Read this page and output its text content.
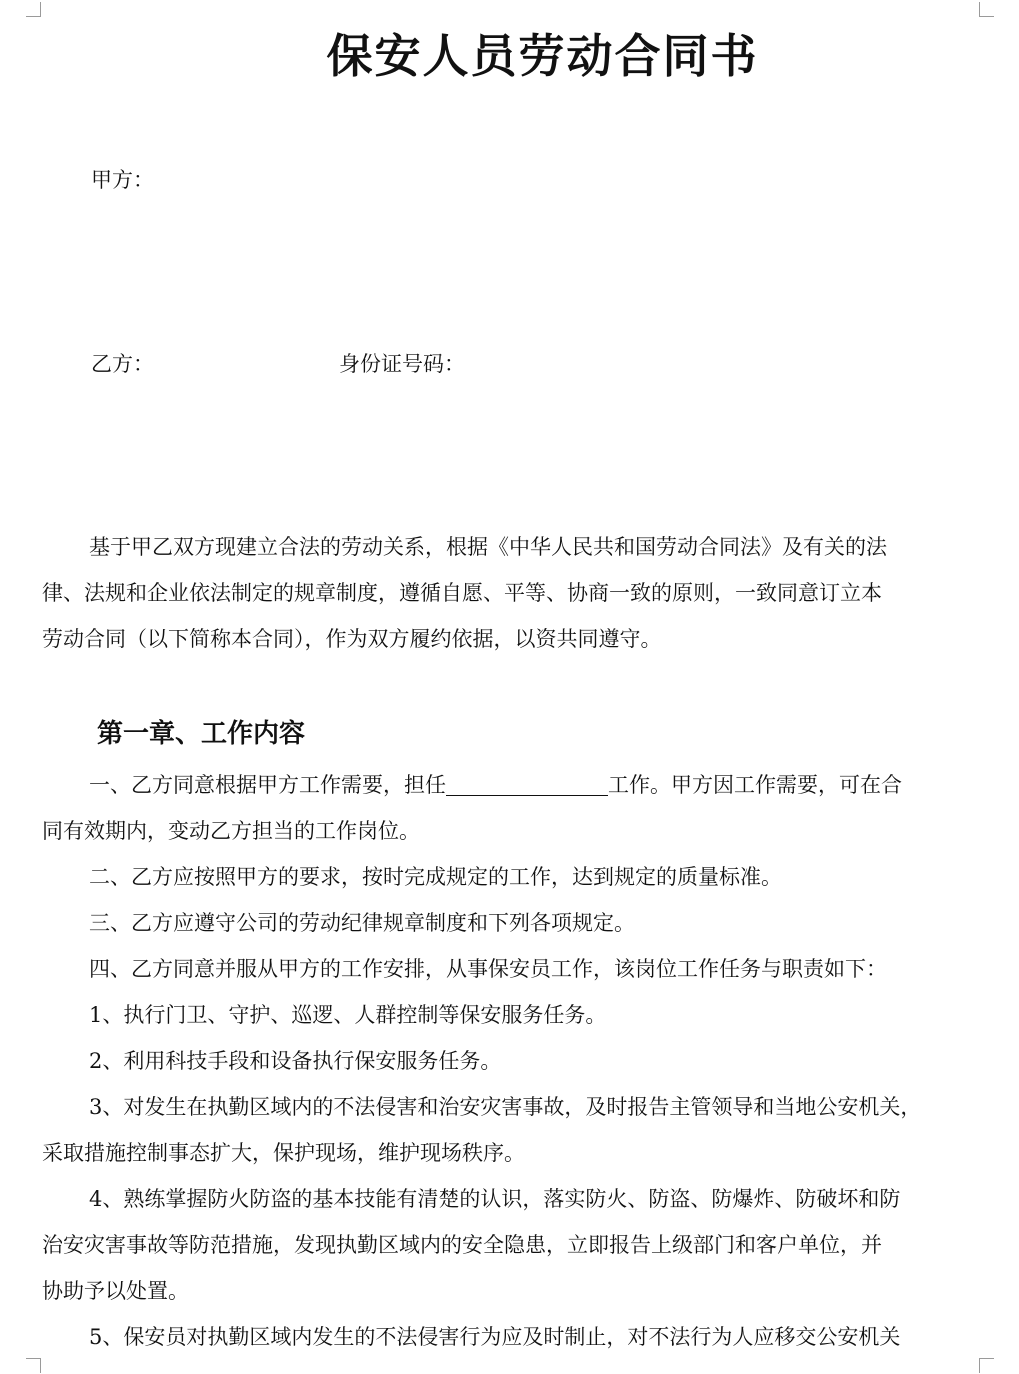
保安人员劳动合同书
甲方：
乙方：	身份证号码：
基于甲乙双方现建立合法的劳动关系，根据《中华人民共和国劳动合同法》及有关的法
律、法规和企业依法制定的规章制度，遵循自愿、平等、协商一致的原则，一致同意订立本
劳动合同（以下简称本合同），作为双方履约依据，以资共同遵守。
第一章、工作内容
一、乙方同意根据甲方工作需要，担任	工作。甲方因工作需要，可在合
同有效期内，变动乙方担当的工作岗位。
二、乙方应按照甲方的要求，按时完成规定的工作，达到规定的质量标准。
三、乙方应遵守公司的劳动纪律规章制度和下列各项规定。
四、乙方同意并服从甲方的工作安排，从事保安员工作，该岗位工作任务与职责如下：
1、执行门卫、守护、巡逻、人群控制等保安服务任务。
2、利用科技手段和设备执行保安服务任务。
3、对发生在执勤区域内的不法侵害和治安灾害事故，及时报告主管领导和当地公安机关，
采取措施控制事态扩大，保护现场，维护现场秩序。
4、熟练掌握防火防盗的基本技能有清楚的认识，落实防火、防盗、防爆炸、防破坏和防
治安灾害事故等防范措施，发现执勤区域内的安全隐患，立即报告上级部门和客户单位，并
协助予以处置。
5、保安员对执勤区域内发生的不法侵害行为应及时制止，对不法行为人应移交公安机关
